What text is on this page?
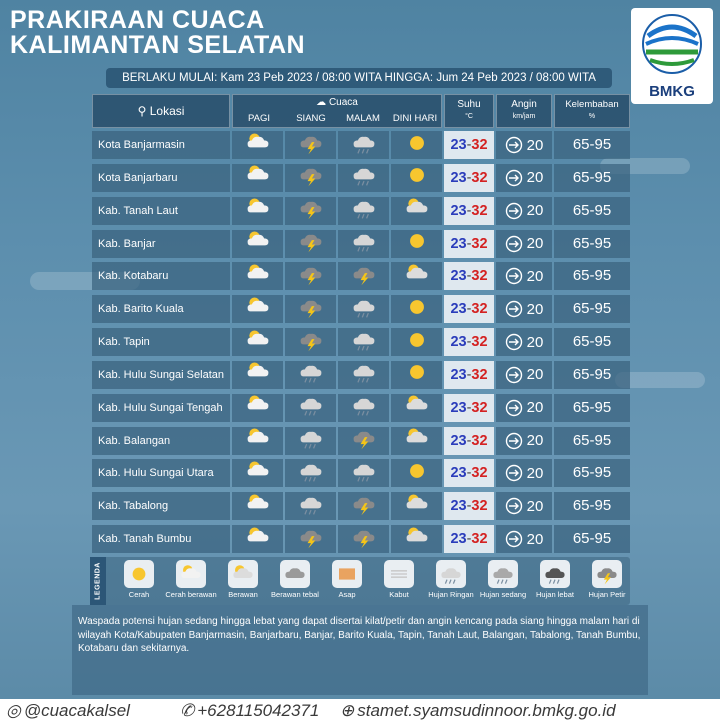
PRAKIRAAN CUACA
KALIMANTAN SELATAN
BMKG
BERLAKU MULAI: Kam 23 Peb 2023 / 08:00 WITA HINGGA: Jum 24 Peb 2023 / 08:00 WITA
⚲ Lokasi
☁ Cuaca
PAGI	SIANG	MALAM	DINI HARI
Suhu
°C
Angin
km/jam
Kelembaban
%
Kota Banjarmasin	23-32	20	65-95
Kota Banjarbaru	23-32	20	65-95
Kab. Tanah Laut	23-32	20	65-95
Kab. Banjar	23-32	20	65-95
Kab. Kotabaru	23-32	20	65-95
Kab. Barito Kuala	23-32	20	65-95
Kab. Tapin	23-32	20	65-95
Kab. Hulu Sungai Selatan	23-32	20	65-95
Kab. Hulu Sungai Tengah	23-32	20	65-95
Kab. Balangan	23-32	20	65-95
Kab. Hulu Sungai Utara	23-32	20	65-95
Kab. Tabalong	23-32	20	65-95
Kab. Tanah Bumbu	23-32	20	65-95
LEGENDA	Cerah	Cerah berawan	Berawan	Berawan tebal	Asap	Kabut	Hujan Ringan Hujan sedang	Hujan lebat	Hujan Petir
Waspada potensi hujan sedang hingga lebat yang dapat disertai kilat/petir dan angin kencang pada siang hingga malam hari di wilayah Kota/Kabupaten Banjarmasin, Banjarbaru, Banjar, Barito Kuala, Tapin, Tanah Laut, Balangan, Tabalong, Tanah Bumbu, Kotabaru dan sekitarnya.
◎ @cuacakalsel	✆ +628115042371 ⊕ stamet.syamsudinnoor.bmkg.go.id
